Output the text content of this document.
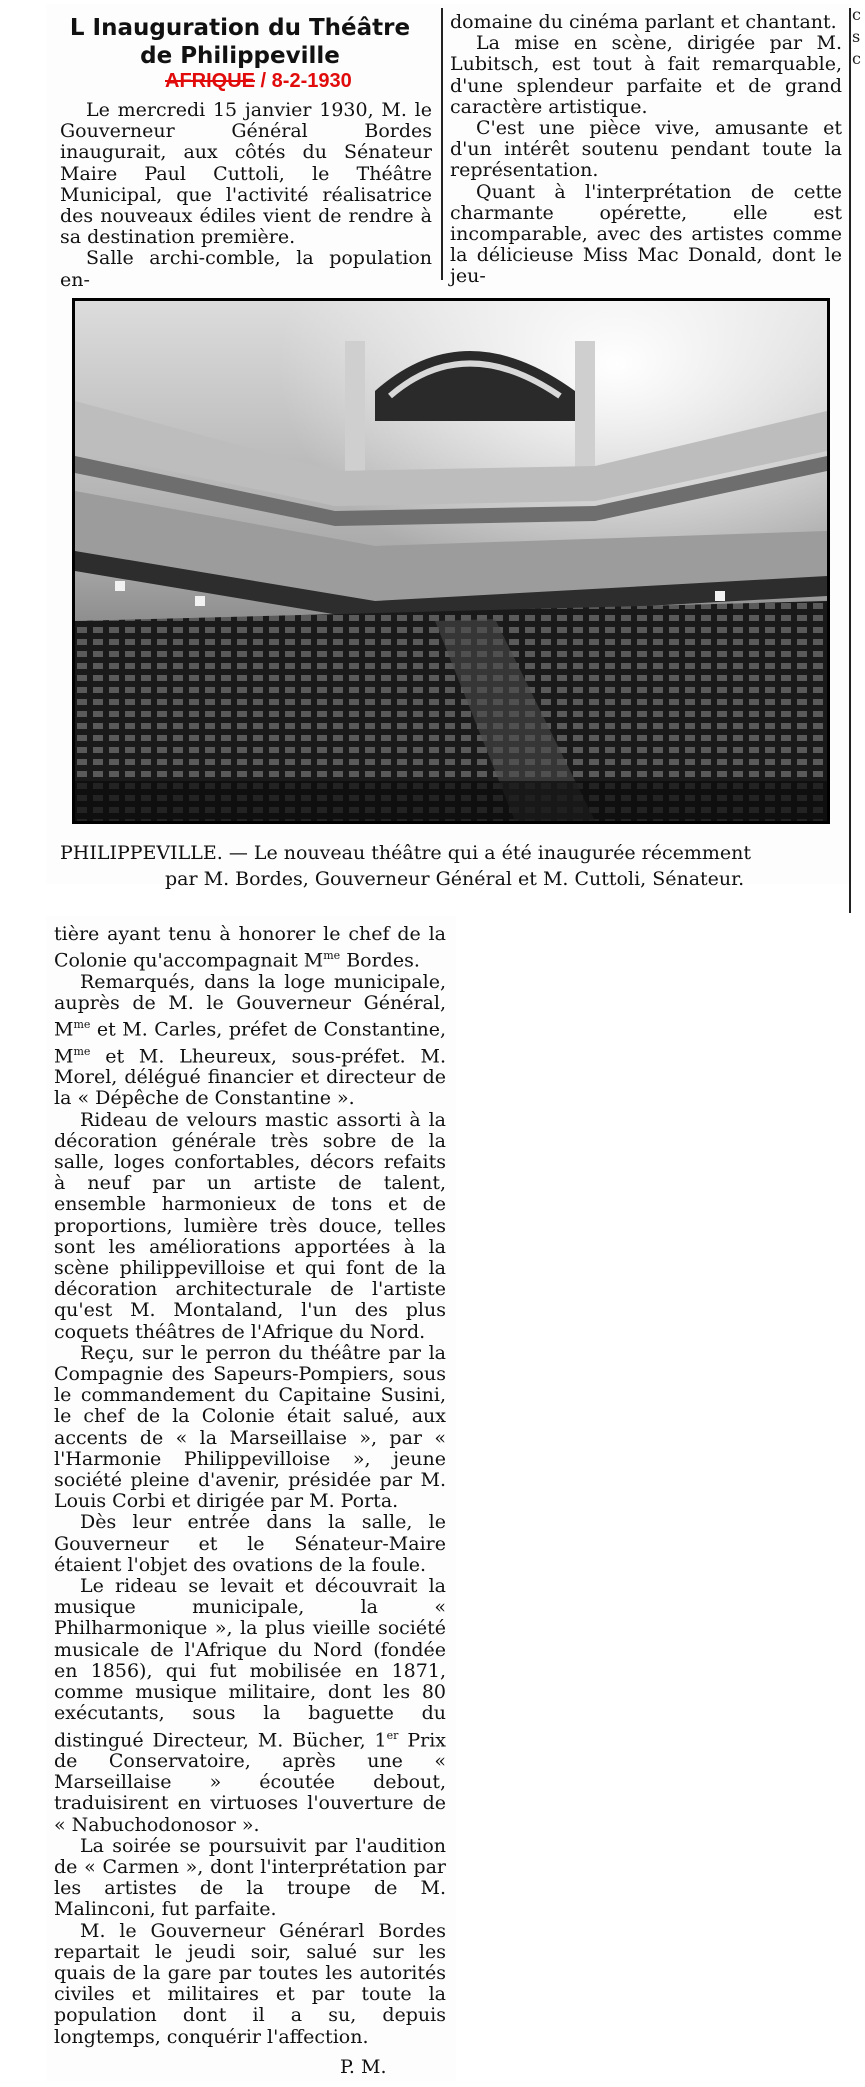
L Inauguration du Théâtre
de Philippeville
AFRIQUE / 8-2-1930

Le mercredi 15 janvier 1930, M. le Gouverneur Général Bordes inaugurait, aux côtés du Sénateur Maire Paul Cuttoli, le Théâtre Municipal, que l'activité réalisatrice des nouveaux édiles vient de rendre à sa destination première.

Salle archi-comble, la population en-

domaine du cinéma parlant et chantant.

La mise en scène, dirigée par M. Lubitsch, est tout à fait remarquable, d'une splendeur parfaite et de grand caractère artistique.

C'est une pièce vive, amusante et d'un intérêt soutenu pendant toute la représentation.

Quant à l'interprétation de cette charmante opérette, elle est incomparable, avec des artistes comme la délicieuse Miss Mac Donald, dont le jeu-

c
s
c
PHILIPPEVILLE. — Le nouveau théâtre qui a été inaugurée récemment
par M. Bordes, Gouverneur Général et M. Cuttoli, Sénateur.

tière ayant tenu à honorer le chef de la Colonie qu'accompagnait $M^{me}$ Bordes.

Remarqués, dans la loge municipale, auprès de M. le Gouverneur Général, $M^{me}$ et M. Carles, préfet de Constantine, $M^{me}$ et M. Lheureux, sous-préfet. M. Morel, délégué financier et directeur de la « Dépêche de Constantine ».

Rideau de velours mastic assorti à la décoration générale très sobre de la salle, loges confortables, décors refaits à neuf par un artiste de talent, ensemble harmonieux de tons et de proportions, lumière très douce, telles sont les améliorations apportées à la scène philippevilloise et qui font de la décoration architecturale de l'artiste qu'est M. Montaland, l'un des plus coquets théâtres de l'Afrique du Nord.

Reçu, sur le perron du théâtre par la Compagnie des Sapeurs-Pompiers, sous le commandement du Capitaine Susini, le chef de la Colonie était salué, aux accents de « la Marseillaise », par « l'Harmonie Philippevilloise », jeune société pleine d'avenir, présidée par M. Louis Corbi et dirigée par M. Porta.

Dès leur entrée dans la salle, le Gouverneur et le Sénateur-Maire étaient l'objet des ovations de la foule.

Le rideau se levait et découvrait la musique municipale, la « Philharmonique », la plus vieille société musicale de l'Afrique du Nord (fondée en 1856), qui fut mobilisée en 1871, comme musique militaire, dont les 80 exécutants, sous la baguette du distingué Directeur, M. Bücher, 1er Prix de Conservatoire, après une « Marseillaise » écoutée debout, traduisirent en virtuoses l'ouverture de « Nabuchodonosor ».

La soirée se poursuivit par l'audition de « Carmen », dont l'interprétation par les artistes de la troupe de M. Malinconi, fut parfaite.

M. le Gouverneur Générarl Bordes repartait le jeudi soir, salué sur les quais de la gare par toutes les autorités civiles et militaires et par toute la population dont il a su, depuis longtemps, conquérir l'affection.

P. M.
